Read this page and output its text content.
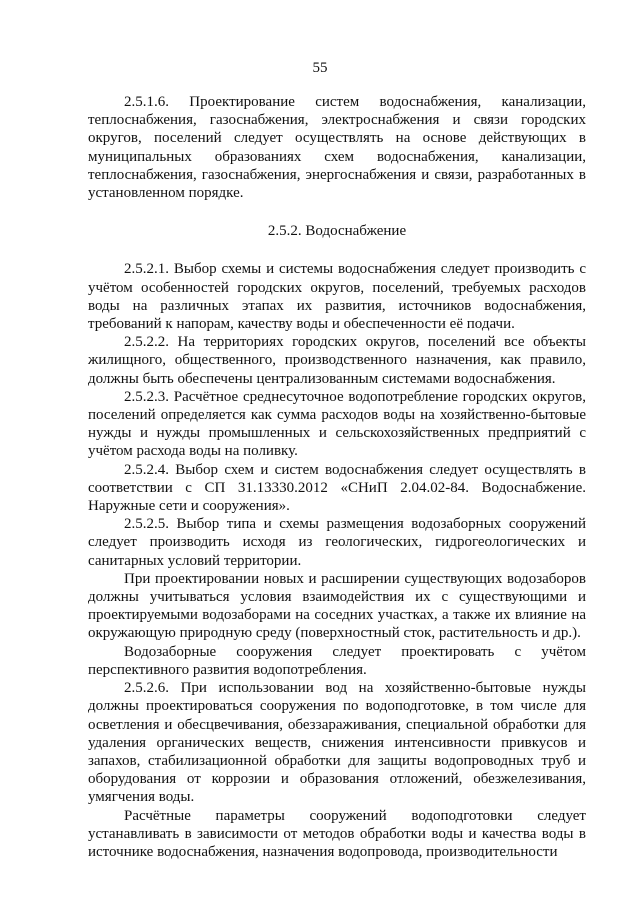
55

2.5.1.6. Проектирование систем водоснабжения, канализации, теплоснабжения, газоснабжения, электроснабжения и связи городских округов, поселений следует осуществлять на основе действующих в муниципальных образованиях схем водоснабжения, канализации, теплоснабжения, газоснабжения, энергоснабжения и связи, разработанных в установленном порядке.

2.5.2. Водоснабжение

2.5.2.1. Выбор схемы и системы водоснабжения следует производить с учётом особенностей городских округов, поселений, требуемых расходов воды на различных этапах их развития, источников водоснабжения, требований к напорам, качеству воды и обеспеченности её подачи.

2.5.2.2. На территориях городских округов, поселений все объекты жилищного, общественного, производственного назначения, как правило, должны быть обеспечены централизованным системами водоснабжения.

2.5.2.3. Расчётное среднесуточное водопотребление городских округов, поселений определяется как сумма расходов воды на хозяйственно-бытовые нужды и нужды промышленных и сельскохозяйственных предприятий с учётом расхода воды на поливку.

2.5.2.4. Выбор схем и систем водоснабжения следует осуществлять в соответствии с СП 31.13330.2012 «СНиП 2.04.02-84. Водоснабжение. Наружные сети и сооружения».

2.5.2.5. Выбор типа и схемы размещения водозаборных сооружений следует производить исходя из геологических, гидрогеологических и санитарных условий территории.

При проектировании новых и расширении существующих водозаборов должны учитываться условия взаимодействия их с существующими и проектируемыми водозаборами на соседних участках, а также их влияние на окружающую природную среду (поверхностный сток, растительность и др.).

Водозаборные сооружения следует проектировать с учётом перспективного развития водопотребления.

2.5.2.6. При использовании вод на хозяйственно-бытовые нужды должны проектироваться сооружения по водоподготовке, в том числе для осветления и обесцвечивания, обеззараживания, специальной обработки для удаления органических веществ, снижения интенсивности привкусов и запахов, стабилизационной обработки для защиты водопроводных труб и оборудования от коррозии и образования отложений, обезжелезивания, умягчения воды.

Расчётные параметры сооружений водоподготовки следует устанавливать в зависимости от методов обработки воды и качества воды в источнике водоснабжения, назначения водопровода, производительности
